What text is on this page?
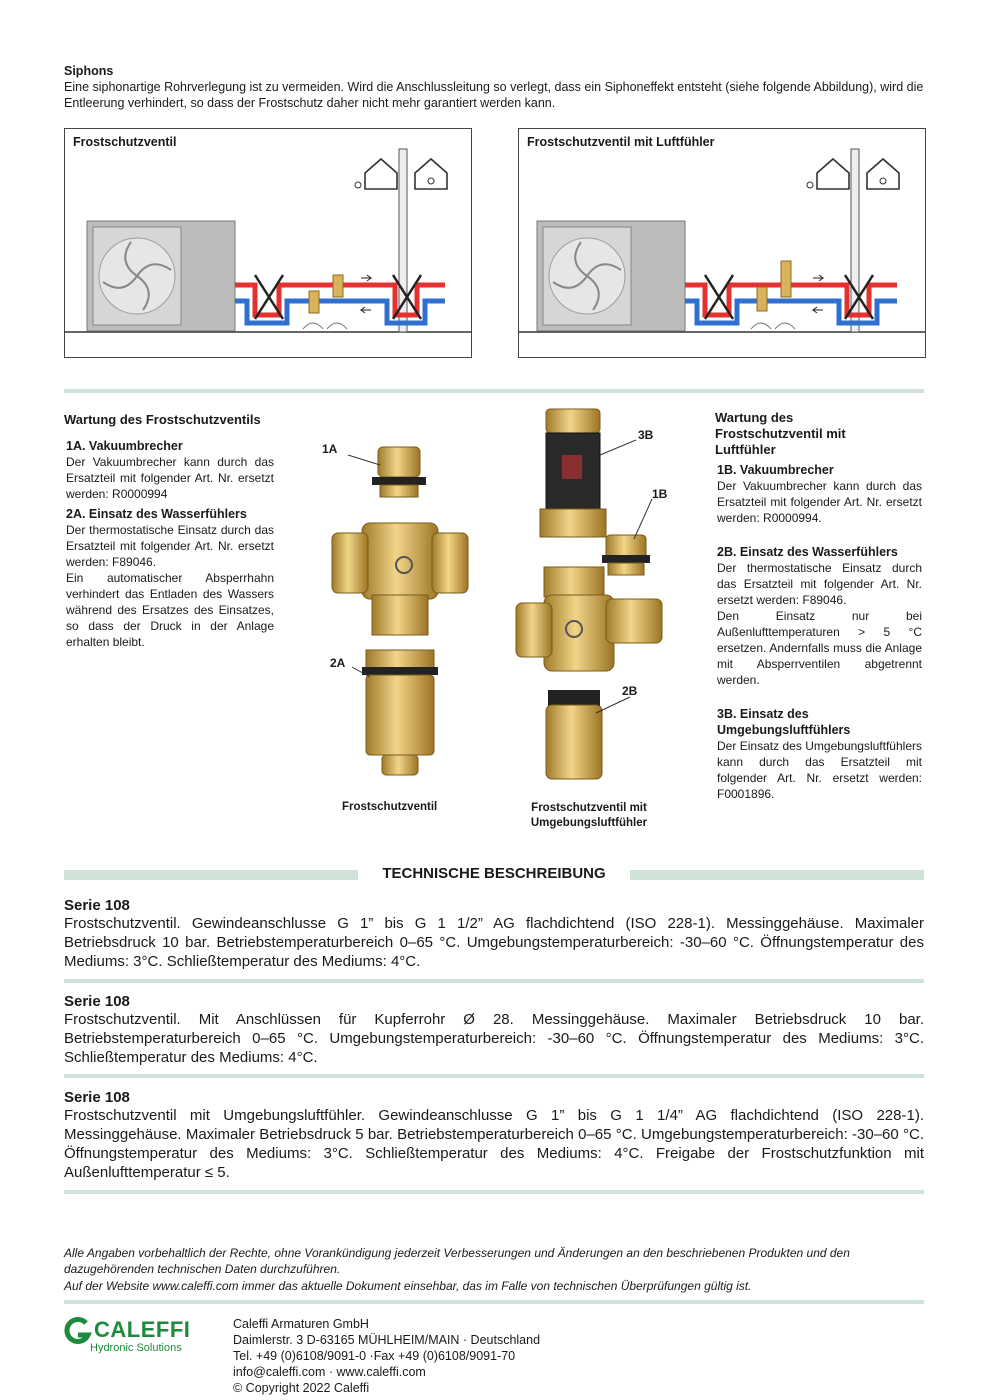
Siphons
Eine siphonartige Rohrverlegung ist zu vermeiden. Wird die Anschlussleitung so verlegt, dass ein Siphoneffekt entsteht (siehe folgende Abbildung), wird die Entleerung verhindert, so dass der Frostschutz daher nicht mehr garantiert werden kann.
Frostschutzventil	Frostschutzventil mit Luftfühler
Wartung des Frostschutzventils
1A. Vakuumbrecher
Der Vakuumbrecher kann durch das Ersatzteil mit folgender Art. Nr. ersetzt werden: R0000994
2A. Einsatz des Wasserfühlers
Der thermostatische Einsatz durch das Ersatzteil mit folgender Art. Nr. ersetzt werden: F89046.
Ein automatischer Absperrhahn verhindert das Entladen des Wassers während des Ersatzes des Einsatzes, so dass der Druck in der Anlage erhalten bleibt.
1A
2A
3B
1B
2B
Frostschutzventil	Frostschutzventil mit Umgebungsluftfühler
Wartung des Frostschutzventil mit Luftfühler
1B. Vakuumbrecher
Der Vakuumbrecher kann durch das Ersatzteil mit folgender Art. Nr. ersetzt werden: R0000994.
2B. Einsatz des Wasserfühlers
Der thermostatische Einsatz durch das Ersatzteil mit folgender Art. Nr. ersetzt werden: F89046.
Den Einsatz nur bei Außenlufttemperaturen > 5 °C ersetzen. Andernfalls muss die Anlage mit Absperrventilen abgetrennt werden.
3B. Einsatz des Umgebungsluftfühlers
Der Einsatz des Umgebungsluftfühlers kann durch das Ersatzteil mit folgender Art. Nr. ersetzt werden: F0001896.
TECHNISCHE BESCHREIBUNG
Serie 108
Frostschutzventil. Gewindeanschlusse G 1” bis G 1 1/2” AG flachdichtend (ISO 228-1). Messinggehäuse. Maximaler Betriebsdruck 10 bar. Betriebstemperaturbereich 0–65 °C. Umgebungstemperaturbereich: -30–60 °C. Öffnungstemperatur des Mediums: 3°C. Schließtemperatur des Mediums: 4°C.
Serie 108
Frostschutzventil. Mit Anschlüssen für Kupferrohr Ø 28. Messinggehäuse. Maximaler Betriebsdruck 10 bar. Betriebstemperaturbereich 0–65 °C. Umgebungstemperaturbereich: -30–60 °C. Öffnungstemperatur des Mediums: 3°C. Schließtemperatur des Mediums: 4°C.
Serie 108
Frostschutzventil mit Umgebungsluftfühler. Gewindeanschlusse G 1” bis G 1 1/4” AG flachdichtend (ISO 228-1). Messinggehäuse. Maximaler Betriebsdruck 5 bar. Betriebstemperaturbereich 0–65 °C. Umgebungstemperaturbereich: -30–60 °C. Öffnungstemperatur des Mediums: 3°C. Schließtemperatur des Mediums: 4°C. Freigabe der Frostschutzfunktion mit Außenlufttemperatur ≤ 5.
Alle Angaben vorbehaltlich der Rechte, ohne Vorankündigung jederzeit Verbesserungen und Änderungen an den beschriebenen Produkten und den dazugehörenden technischen Daten durchzuführen.
Auf der Website www.caleffi.com immer das aktuelle Dokument einsehbar, das im Falle von technischen Überprüfungen gültig ist.
CALEFFI
Hydronic Solutions
Caleffi Armaturen GmbH
Daimlerstr. 3 D-63165 MÜHLHEIM/MAIN · Deutschland
Tel. +49 (0)6108/9091-0 ·Fax +49 (0)6108/9091-70
info@caleffi.com · www.caleffi.com
© Copyright 2022 Caleffi
